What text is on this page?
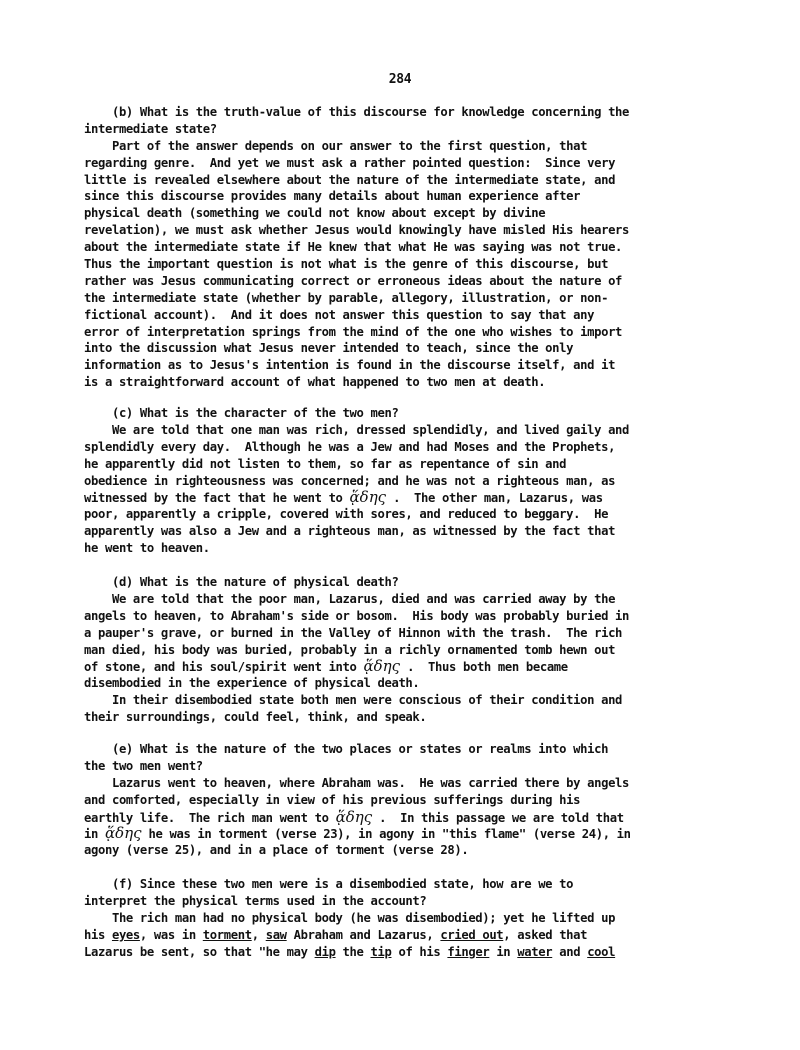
284
(b) What is the truth-value of this discourse for knowledge concerning the
intermediate state?
Part of the answer depends on our answer to the first question, that
regarding genre.  And yet we must ask a rather pointed question:  Since very
little is revealed elsewhere about the nature of the intermediate state, and
since this discourse provides many details about human experience after
physical death (something we could not know about except by divine
revelation), we must ask whether Jesus would knowingly have misled His hearers
about the intermediate state if He knew that what He was saying was not true.
Thus the important question is not what is the genre of this discourse, but
rather was Jesus communicating correct or erroneous ideas about the nature of
the intermediate state (whether by parable, allegory, illustration, or non-
fictional account).  And it does not answer this question to say that any
error of interpretation springs from the mind of the one who wishes to import
into the discussion what Jesus never intended to teach, since the only
information as to Jesus's intention is found in the discourse itself, and it
is a straightforward account of what happened to two men at death.
(c) What is the character of the two men?
We are told that one man was rich, dressed splendidly, and lived gaily and
splendidly every day.  Although he was a Jew and had Moses and the Prophets,
he apparently did not listen to them, so far as repentance of sin and
obedience in righteousness was concerned; and he was not a righteous man, as
witnessed by the fact that he went to ᾅδης .  The other man, Lazarus, was
poor, apparently a cripple, covered with sores, and reduced to beggary.  He
apparently was also a Jew and a righteous man, as witnessed by the fact that
he went to heaven.
(d) What is the nature of physical death?
We are told that the poor man, Lazarus, died and was carried away by the
angels to heaven, to Abraham's side or bosom.  His body was probably buried in
a pauper's grave, or burned in the Valley of Hinnon with the trash.  The rich
man died, his body was buried, probably in a richly ornamented tomb hewn out
of stone, and his soul/spirit went into ᾅδης .  Thus both men became
disembodied in the experience of physical death.
In their disembodied state both men were conscious of their condition and
their surroundings, could feel, think, and speak.
(e) What is the nature of the two places or states or realms into which
the two men went?
Lazarus went to heaven, where Abraham was.  He was carried there by angels
and comforted, especially in view of his previous sufferings during his
earthly life.  The rich man went to ᾅδης .  In this passage we are told that
in ᾅδης he was in torment (verse 23), in agony in "this flame" (verse 24), in
agony (verse 25), and in a place of torment (verse 28).
(f) Since these two men were is a disembodied state, how are we to
interpret the physical terms used in the account?
The rich man had no physical body (he was disembodied); yet he lifted up
his eyes, was in torment, saw Abraham and Lazarus, cried out, asked that
Lazarus be sent, so that "he may dip the tip of his finger in water and cool
